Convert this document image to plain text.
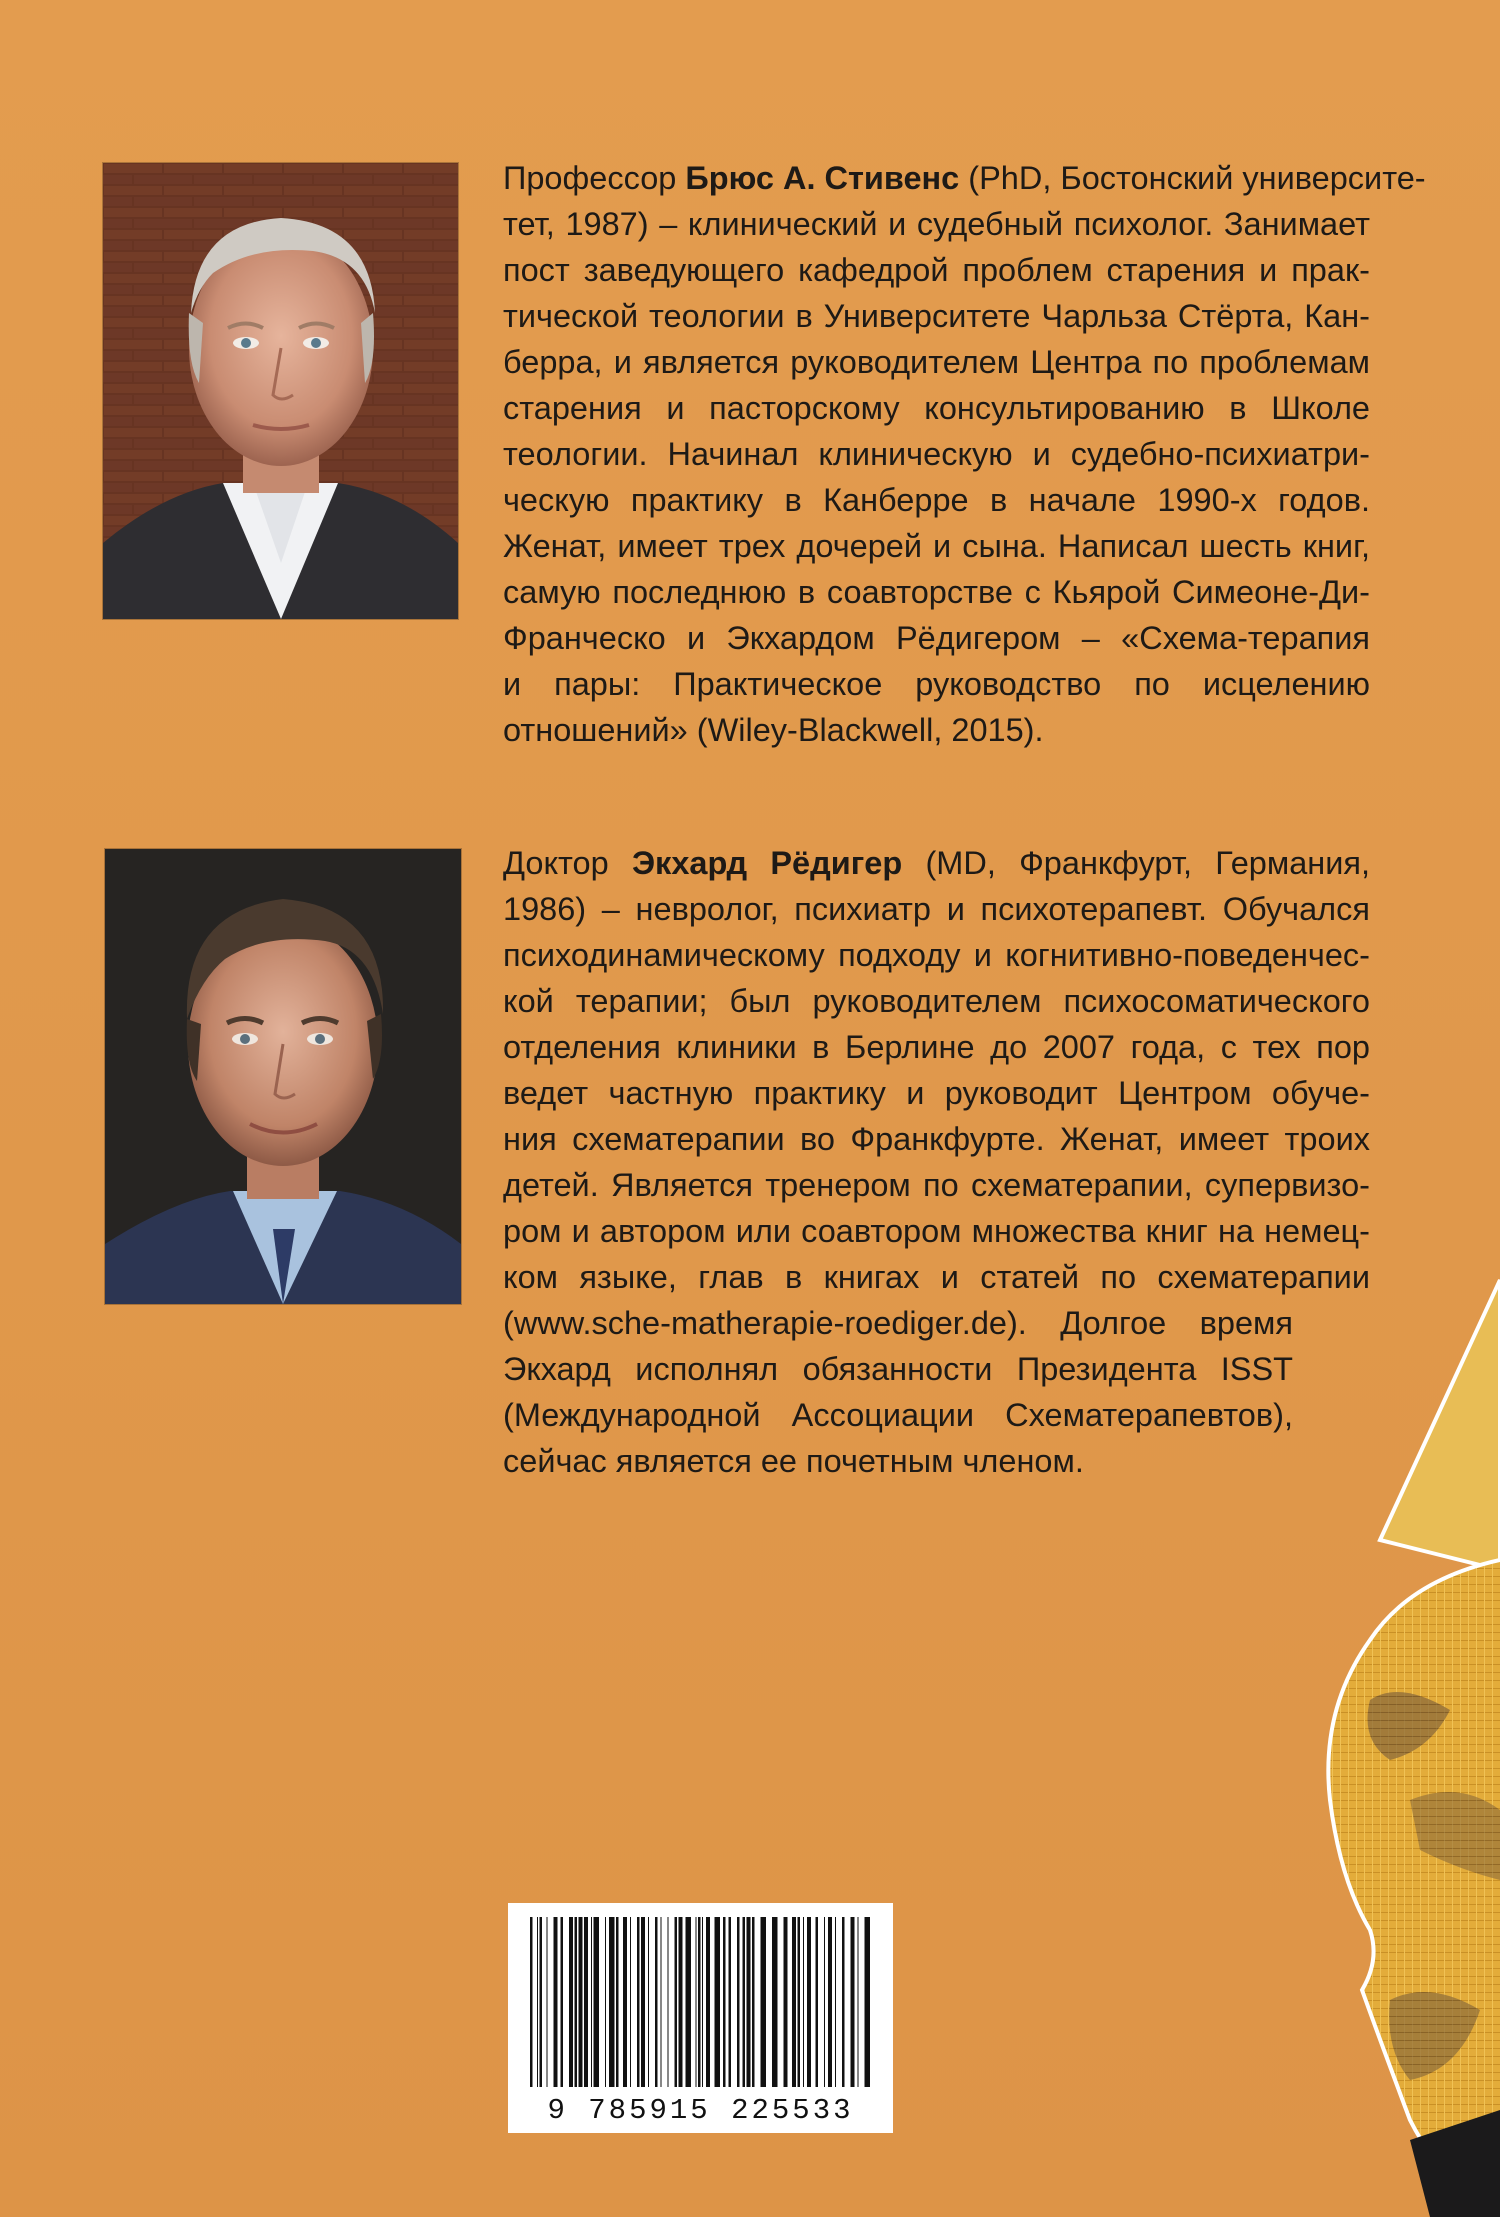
Профессор Брюс А. Стивенс (PhD, Бостонский университе-
тет, 1987) – клинический и судебный психолог. Занимает
пост заведующего кафедрой проблем старения и прак-
тической теологии в Университете Чарльза Стёрта, Кан-
берра, и является руководителем Центра по проблемам
старения и пасторскому консультированию в Школе
теологии. Начинал клиническую и судебно-психиатри-
ческую практику в Канберре в начале 1990-х годов.
Женат, имеет трех дочерей и сына. Написал шесть книг,
самую последнюю в соавторстве с Кьярой Симеоне-Ди-
Франческо и Экхардом Рёдигером – «Схема-терапия
и пары: Практическое руководство по исцелению
отношений» (Wiley-Blackwell, 2015).
Доктор Экхард Рёдигер (MD, Франкфурт, Германия,
1986) – невролог, психиатр и психотерапевт. Обучался
психодинамическому подходу и когнитивно-поведенчес-
кой терапии; был руководителем психосоматического
отделения клиники в Берлине до 2007 года, с тех пор
ведет частную практику и руководит Центром обуче-
ния схематерапии во Франкфурте. Женат, имеет троих
детей. Является тренером по схематерапии, супервизо-
ром и автором или соавтором множества книг на немец-
ком языке, глав в книгах и статей по схематерапии
(www.sche-matherapie-roediger.de). Долгое время
Экхард исполнял обязанности Президента ISST
(Международной Ассоциации Схематерапевтов),
сейчас является ее почетным членом.
9 785915 225533
